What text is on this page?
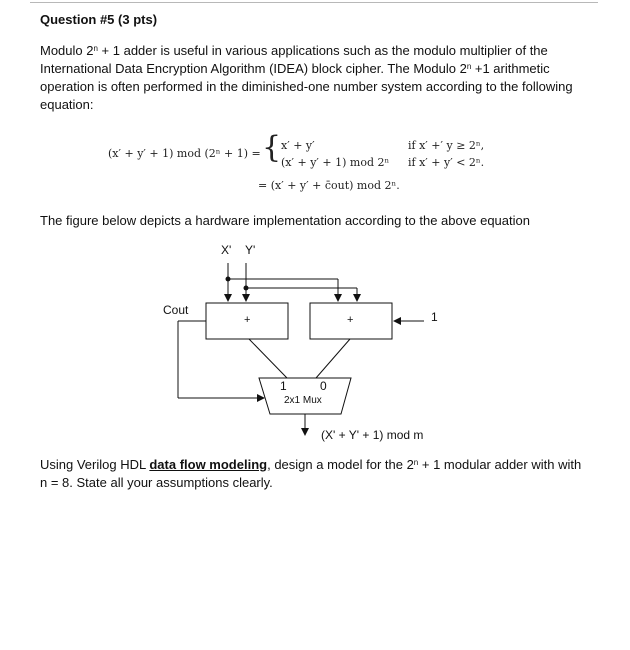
Question #5 (3 pts)
Modulo $2^n + 1$ adder is useful in various applications such as the modulo multiplier of the International Data Encryption Algorithm (IDEA) block cipher. The Modulo $2^n +1$ arithmetic operation is often performed in the diminished-one number system according to the following equation:
(x′ + y′ + 1) mod (2ⁿ + 1) = { x′ + y′	if x′ +′ y ≥ 2ⁿ,
(x′ + y′ + 1) mod 2ⁿ if x′ + y′ < 2ⁿ.
= (x′ + y′ + c̄out) mod 2ⁿ.
The figure below depicts a hardware implementation according to the above equation
X' Y'
Cout
+	+	1
1	0
2x1 Mux
(X' + Y' + 1) mod m
Using Verilog HDL data flow modeling, design a model for the $2^n + 1$ modular adder with with n = 8. State all your assumptions clearly.
